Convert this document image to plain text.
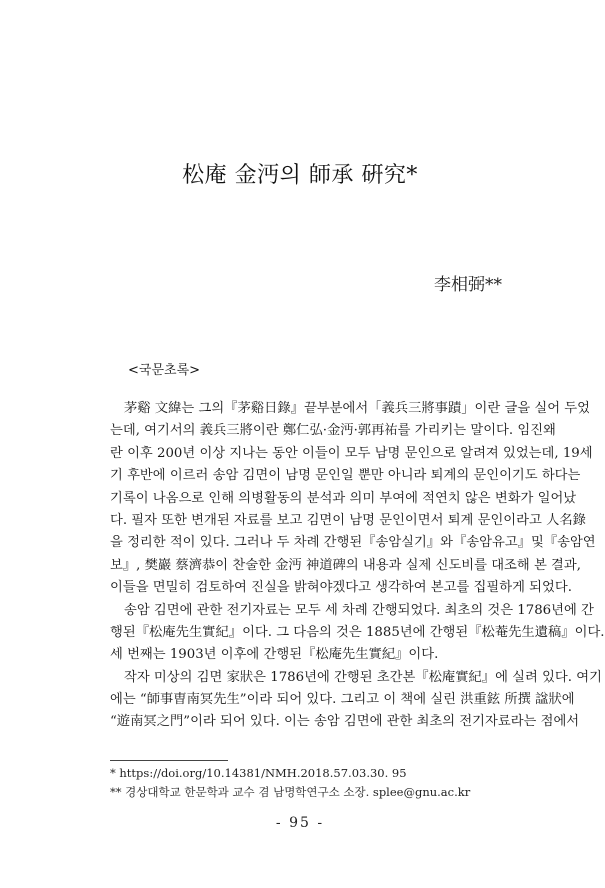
松庵 金沔의 師承 硏究*
李相弼**
<국문초록>
茅谿 文緯는 그의『茅谿日錄』끝부분에서「義兵三將事蹟」이란 글을 실어 두었
는데, 여기서의 義兵三將이란 鄭仁弘·金沔·郭再祐를 가리키는 말이다. 임진왜
란 이후 200년 이상 지나는 동안 이들이 모두 남명 문인으로 알려져 있었는데, 19세
기 후반에 이르러 송암 김면이 남명 문인일 뿐만 아니라 퇴계의 문인이기도 하다는
기록이 나옴으로 인해 의병활동의 분석과 의미 부여에 적연치 않은 변화가 일어났
다. 필자 또한 변개된 자료를 보고 김면이 남명 문인이면서 퇴계 문인이라고 人名錄
을 정리한 적이 있다. 그러나 두 차례 간행된『송암실기』와『송암유고』및『송암연
보』, 樊巖 蔡濟恭이 찬술한 金沔 神道碑의 내용과 실제 신도비를 대조해 본 결과,
이들을 면밀히 검토하여 진실을 밝혀야겠다고 생각하여 본고를 집필하게 되었다.
송암 김면에 관한 전기자료는 모두 세 차례 간행되었다. 최초의 것은 1786년에 간
행된『松庵先生實紀』이다. 그 다음의 것은 1885년에 간행된『松菴先生遺稿』이다.
세 번째는 1903년 이후에 간행된『松庵先生實紀』이다.
작자 미상의 김면 家狀은 1786년에 간행된 초간본『松庵實紀』에 실려 있다. 여기
에는 “師事曺南冥先生”이라 되어 있다. 그리고 이 책에 실린 洪重鉉 所撰 諡狀에
“遊南冥之門”이라 되어 있다. 이는 송암 김면에 관한 최초의 전기자료라는 점에서
* https://doi.org/10.14381/NMH.2018.57.03.30. 95
** 경상대학교 한문학과 교수 겸 남명학연구소 소장. splee@gnu.ac.kr
- 95 -
